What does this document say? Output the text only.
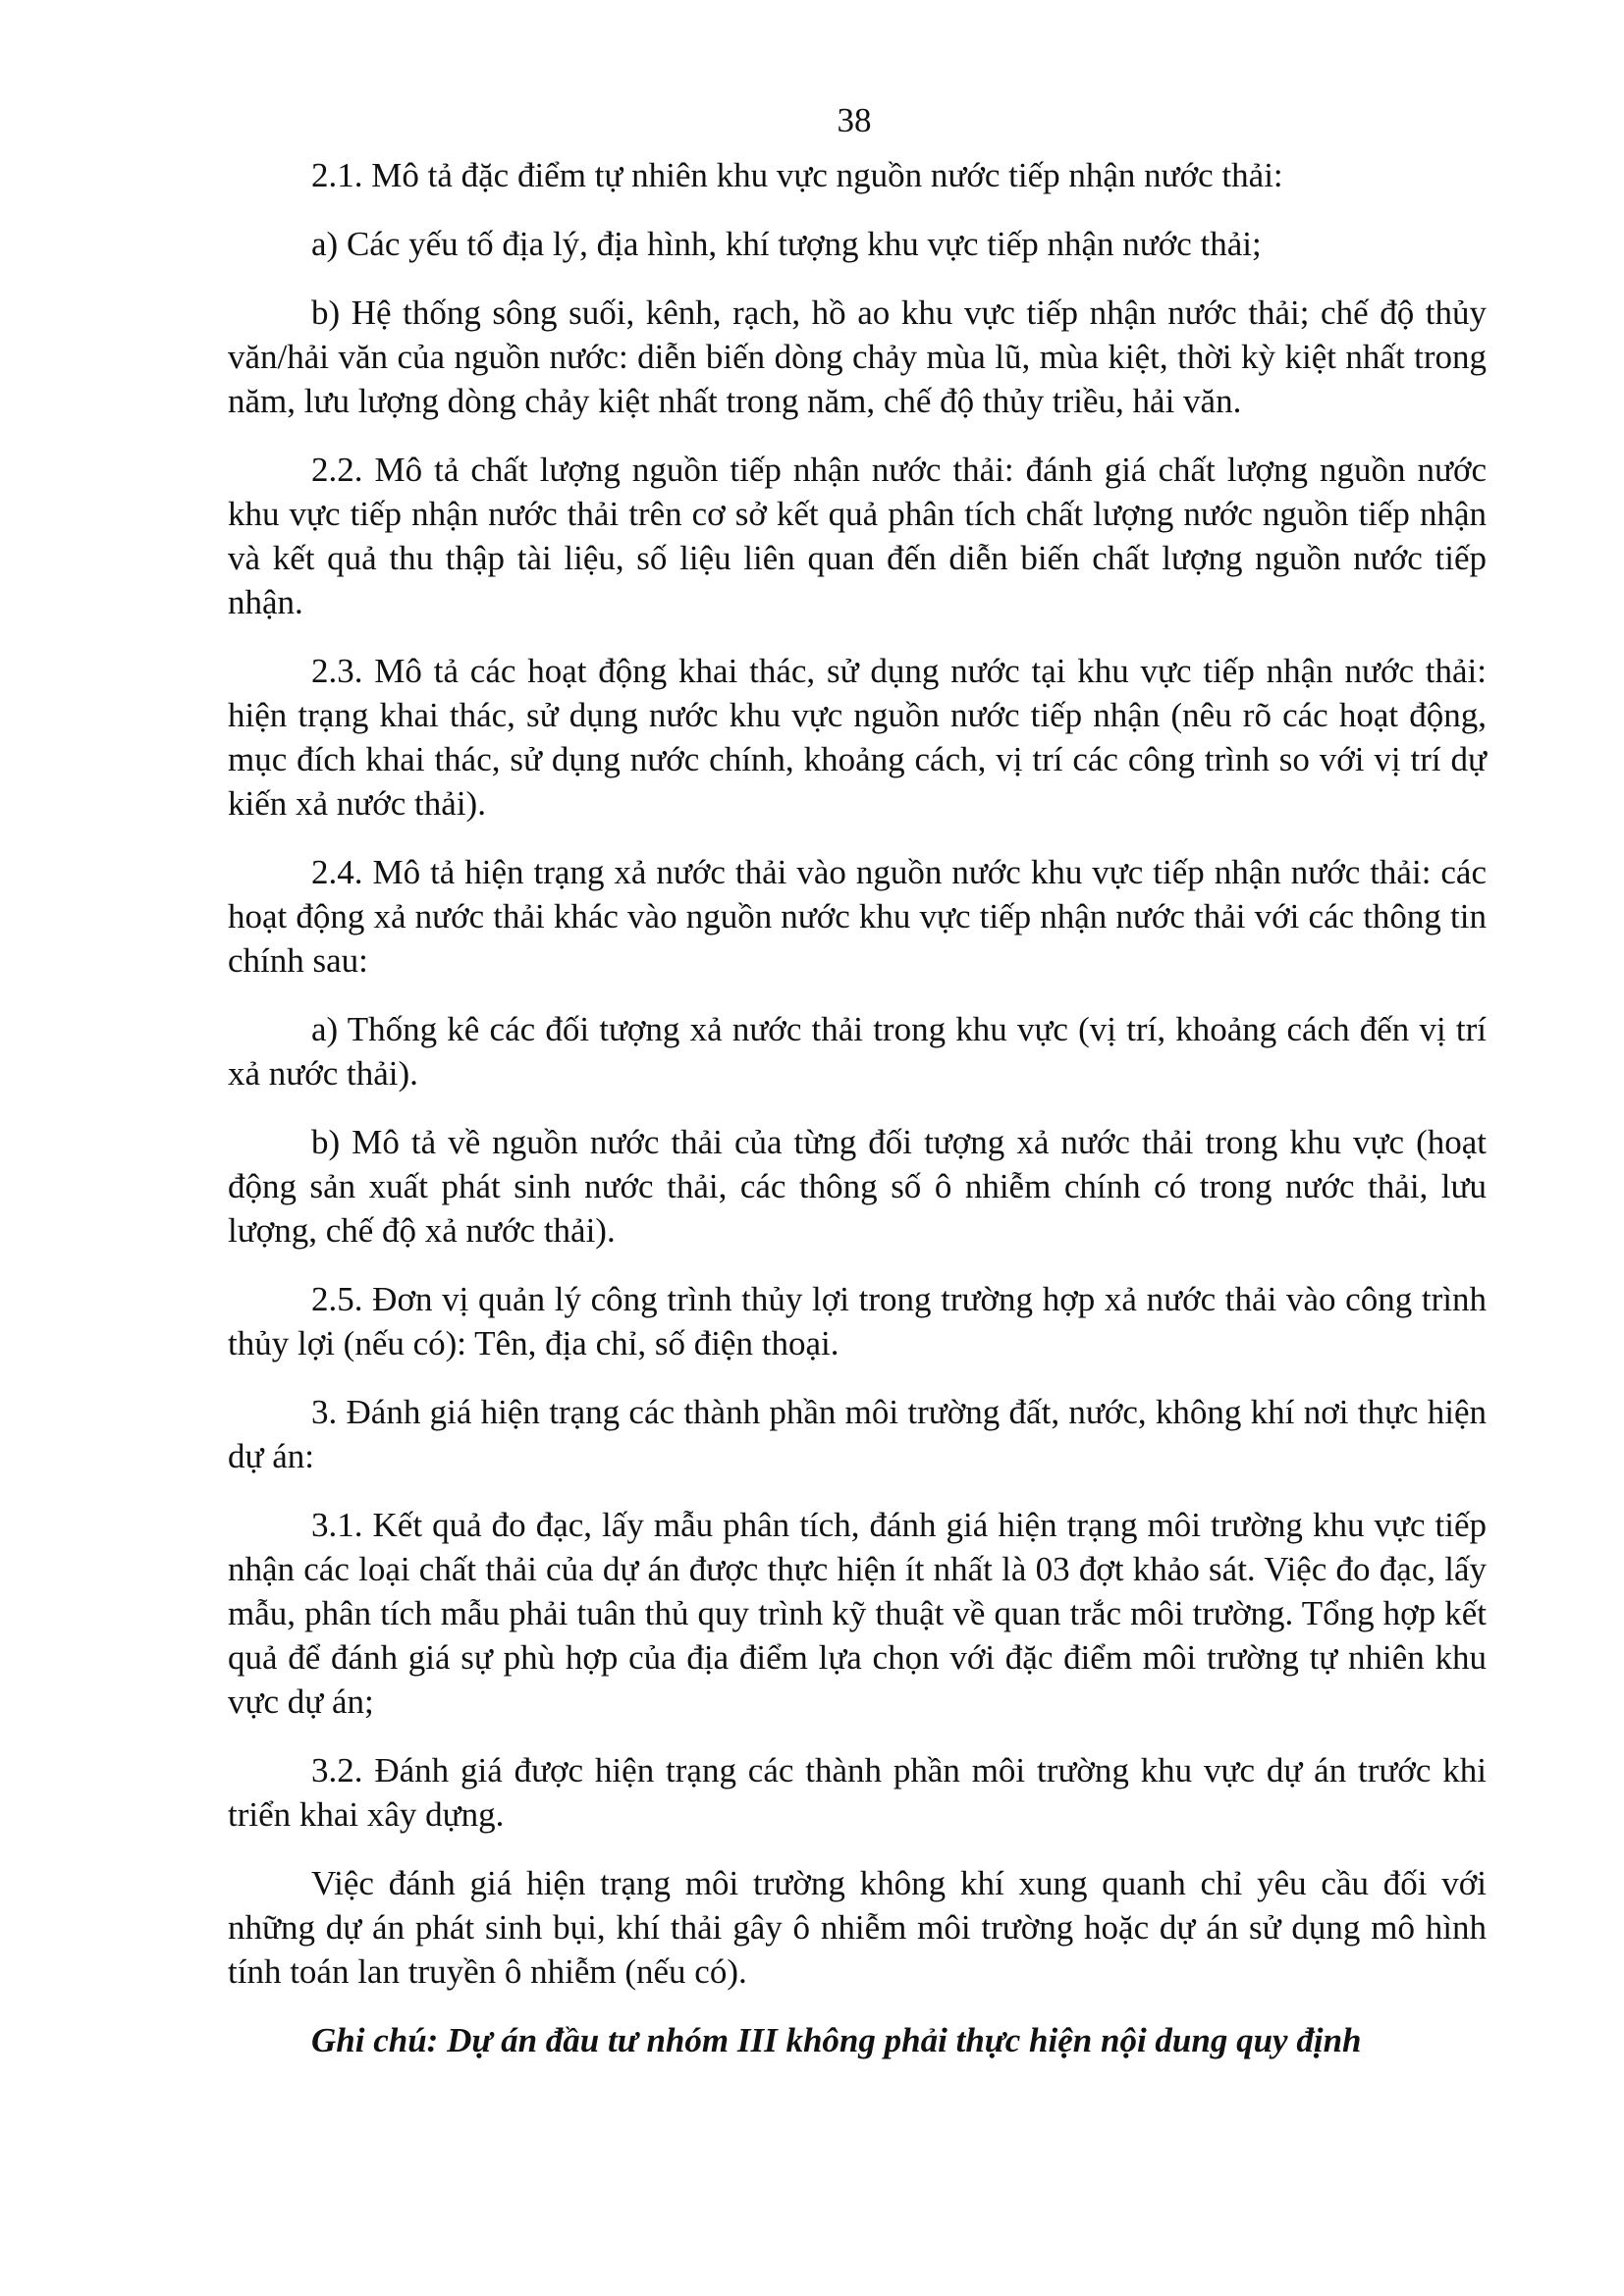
38

2.1. Mô tả đặc điểm tự nhiên khu vực nguồn nước tiếp nhận nước thải:

a) Các yếu tố địa lý, địa hình, khí tượng khu vực tiếp nhận nước thải;

b) Hệ thống sông suối, kênh, rạch, hồ ao khu vực tiếp nhận nước thải; chế độ thủy văn/hải văn của nguồn nước: diễn biến dòng chảy mùa lũ, mùa kiệt, thời kỳ kiệt nhất trong năm, lưu lượng dòng chảy kiệt nhất trong năm, chế độ thủy triều, hải văn.

2.2. Mô tả chất lượng nguồn tiếp nhận nước thải: đánh giá chất lượng nguồn nước khu vực tiếp nhận nước thải trên cơ sở kết quả phân tích chất lượng nước nguồn tiếp nhận và kết quả thu thập tài liệu, số liệu liên quan đến diễn biến chất lượng nguồn nước tiếp nhận.

2.3. Mô tả các hoạt động khai thác, sử dụng nước tại khu vực tiếp nhận nước thải: hiện trạng khai thác, sử dụng nước khu vực nguồn nước tiếp nhận (nêu rõ các hoạt động, mục đích khai thác, sử dụng nước chính, khoảng cách, vị trí các công trình so với vị trí dự kiến xả nước thải).

2.4. Mô tả hiện trạng xả nước thải vào nguồn nước khu vực tiếp nhận nước thải: các hoạt động xả nước thải khác vào nguồn nước khu vực tiếp nhận nước thải với các thông tin chính sau:

a) Thống kê các đối tượng xả nước thải trong khu vực (vị trí, khoảng cách đến vị trí xả nước thải).

b) Mô tả về nguồn nước thải của từng đối tượng xả nước thải trong khu vực (hoạt động sản xuất phát sinh nước thải, các thông số ô nhiễm chính có trong nước thải, lưu lượng, chế độ xả nước thải).

2.5. Đơn vị quản lý công trình thủy lợi trong trường hợp xả nước thải vào công trình thủy lợi (nếu có): Tên, địa chỉ, số điện thoại.

3. Đánh giá hiện trạng các thành phần môi trường đất, nước, không khí nơi thực hiện dự án:

3.1. Kết quả đo đạc, lấy mẫu phân tích, đánh giá hiện trạng môi trường khu vực tiếp nhận các loại chất thải của dự án được thực hiện ít nhất là 03 đợt khảo sát. Việc đo đạc, lấy mẫu, phân tích mẫu phải tuân thủ quy trình kỹ thuật về quan trắc môi trường. Tổng hợp kết quả để đánh giá sự phù hợp của địa điểm lựa chọn với đặc điểm môi trường tự nhiên khu vực dự án;

3.2. Đánh giá được hiện trạng các thành phần môi trường khu vực dự án trước khi triển khai xây dựng.

Việc đánh giá hiện trạng môi trường không khí xung quanh chỉ yêu cầu đối với những dự án phát sinh bụi, khí thải gây ô nhiễm môi trường hoặc dự án sử dụng mô hình tính toán lan truyền ô nhiễm (nếu có).

Ghi chú: Dự án đầu tư nhóm III không phải thực hiện nội dung quy định
